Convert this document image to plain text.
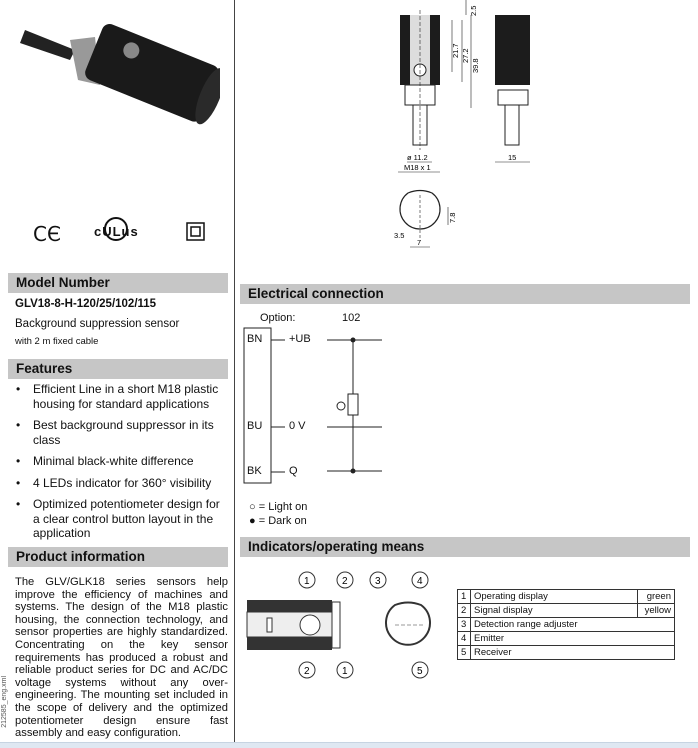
CЄ	cULus
2.5
21.7 27.2
39.8
ø 11.2
M18 x 1
15
7.8
3.5
7
Model Number
GLV18-8-H-120/25/102/115
Background suppression sensor
with 2 m fixed cable
Features
• Efficient Line in a short M18 plastic housing for standard applications
• Best background suppressor in its class
• Minimal black-white difference
• 4 LEDs indicator for 360° visibility
• Optimized potentiometer design for a clear control button layout in the application
Product information
The GLV/GLK18 series sensors help improve the efficiency of machines and systems. The design of the M18 plastic housing, the connection technology, and sensor properties are highly standardized. Concentrating on the key sensor requirements has produced a robust and reliable product series for DC and AC/DC voltage systems without any over-engineering. The mounting set included in the scope of delivery and the optimized potentiometer design ensure fast assembly and easy configuration.
212585_eng.xml
Electrical connection
Option:	102
BN +UB
BU 0 V
BK Q
○ = Light on
● = Dark on
Indicators/operating means
1	2	3	4
2	1	5
1	Operating display	green
2	Signal display	yellow
3	Detection range adjuster	
4	Emitter	
5	Receiver	
